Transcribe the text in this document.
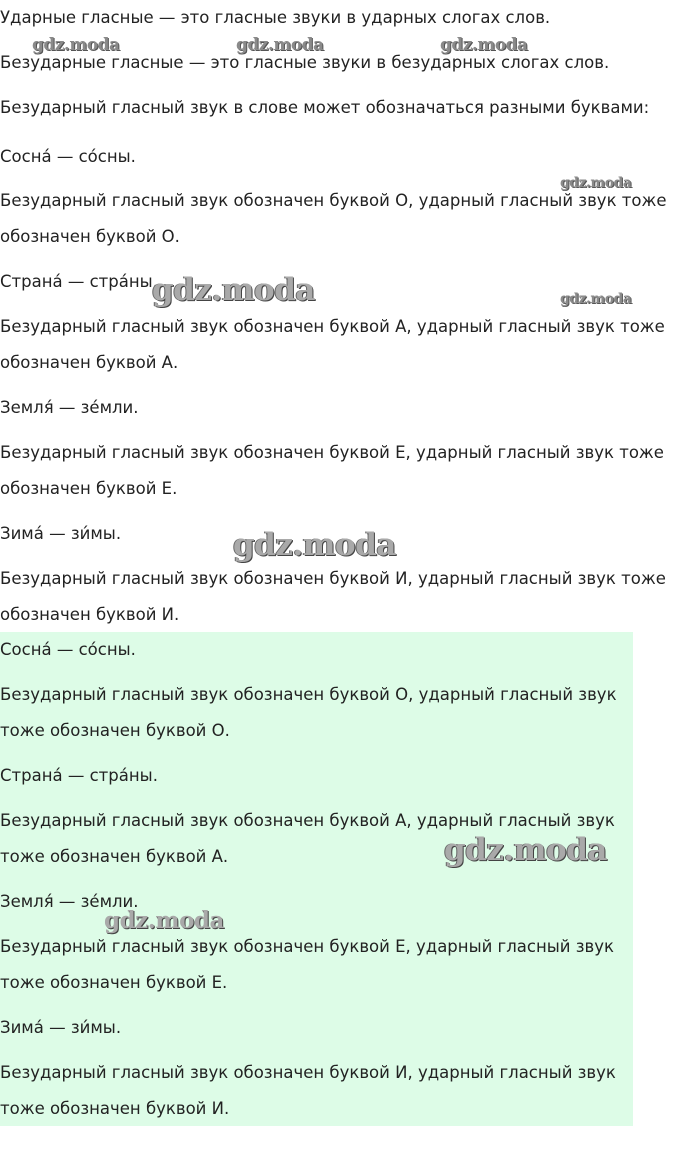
Ударные гласные — это гласные звуки в ударных слогах слов.
Безударные гласные — это гласные звуки в безударных слогах слов.
Безударный гласный звук в слове может обозначаться разными буквами:
Сосна́ — со́сны.
Безударный гласный звук обозначен буквой О, ударный гласный звук тоже
обозначен буквой О.
Страна́ — стра́ны.
Безударный гласный звук обозначен буквой А, ударный гласный звук тоже
обозначен буквой А.
Земля́ — зе́мли.
Безударный гласный звук обозначен буквой Е, ударный гласный звук тоже
обозначен буквой Е.
Зима́ — зи́мы.
Безударный гласный звук обозначен буквой И, ударный гласный звук тоже
обозначен буквой И.
Сосна́ — со́сны.
Безударный гласный звук обозначен буквой О, ударный гласный звук
тоже обозначен буквой О.
Страна́ — стра́ны.
Безударный гласный звук обозначен буквой А, ударный гласный звук
тоже обозначен буквой А.
Земля́ — зе́мли.
Безударный гласный звук обозначен буквой Е, ударный гласный звук
тоже обозначен буквой Е.
Зима́ — зи́мы.
Безударный гласный звук обозначен буквой И, ударный гласный звук
тоже обозначен буквой И.
gdz.moda	gdz.moda	gdz.moda
gdz.moda
gdz.moda	gdz.moda
gdz.moda
gdz.moda
gdz.moda
